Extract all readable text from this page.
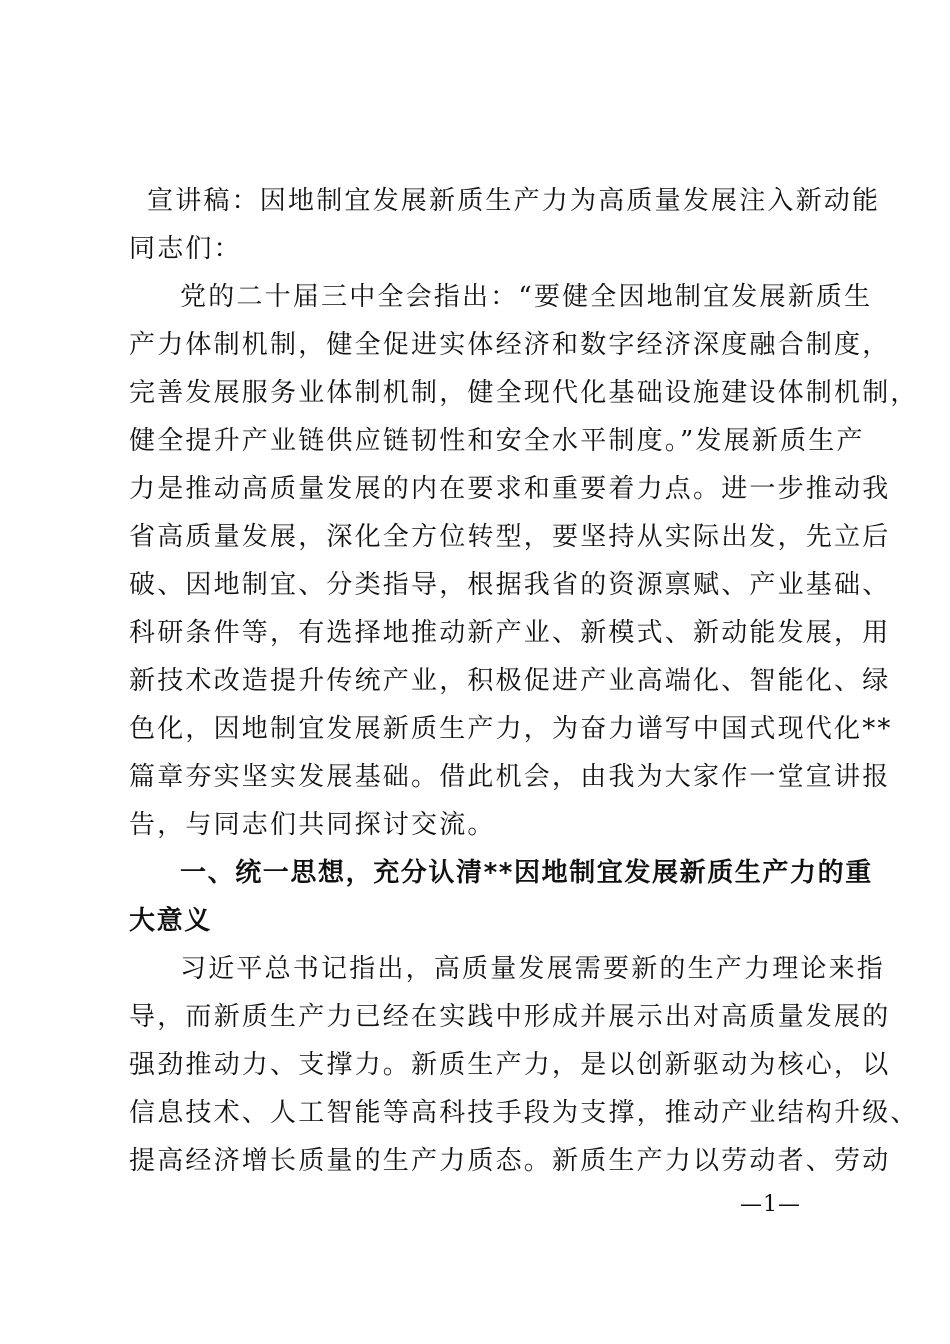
宣讲稿：因地制宜发展新质生产力为高质量发展注入新动能
同志们：
党的二十届三中全会指出：“要健全因地制宜发展新质生
产力体制机制，健全促进实体经济和数字经济深度融合制度，
完善发展服务业体制机制，健全现代化基础设施建设体制机制，
健全提升产业链供应链韧性和安全水平制度。”发展新质生产
力是推动高质量发展的内在要求和重要着力点。进一步推动我
省高质量发展，深化全方位转型，要坚持从实际出发，先立后
破、因地制宜、分类指导，根据我省的资源禀赋、产业基础、
科研条件等，有选择地推动新产业、新模式、新动能发展，用
新技术改造提升传统产业，积极促进产业高端化、智能化、绿
色化，因地制宜发展新质生产力，为奋力谱写中国式现代化**
篇章夯实坚实发展基础。借此机会，由我为大家作一堂宣讲报
告，与同志们共同探讨交流。
一、统一思想，充分认清**因地制宜发展新质生产力的重
大意义
习近平总书记指出，高质量发展需要新的生产力理论来指
导，而新质生产力已经在实践中形成并展示出对高质量发展的
强劲推动力、支撑力。新质生产力，是以创新驱动为核心，以
信息技术、人工智能等高科技手段为支撑，推动产业结构升级、
提高经济增长质量的生产力质态。新质生产力以劳动者、劳动
—1—
